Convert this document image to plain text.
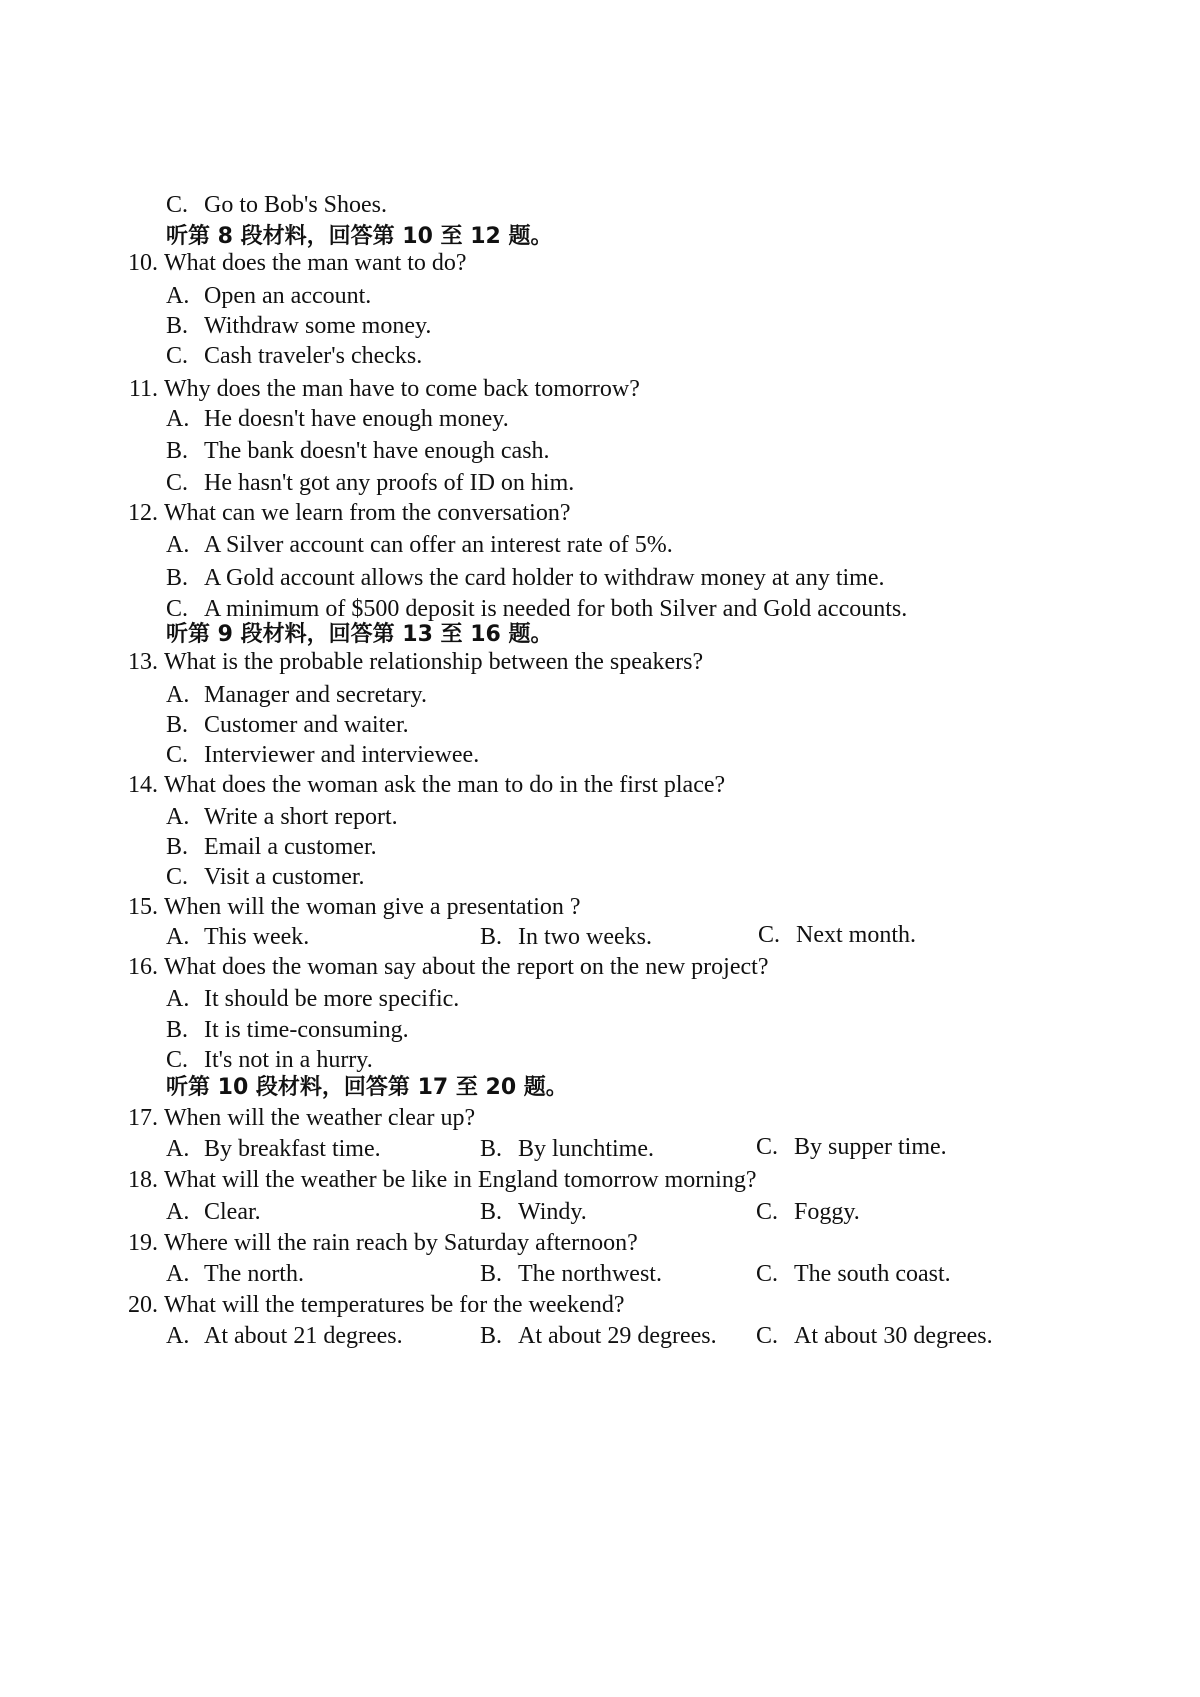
C. Go to Bob's Shoes.
听第 8 段材料，回答第 10 至 12 题。
10. What does the man want to do?
A. Open an account.
B. Withdraw some money.
C. Cash traveler's checks.
11. Why does the man have to come back tomorrow?
A. He doesn't have enough money.
B. The bank doesn't have enough cash.
C. He hasn't got any proofs of ID on him.
12. What can we learn from the conversation?
A. A Silver account can offer an interest rate of 5%.
B. A Gold account allows the card holder to withdraw money at any time.
C. A minimum of $500 deposit is needed for both Silver and Gold accounts.
听第 9 段材料，回答第 13 至 16 题。
13. What is the probable relationship between the speakers?
A. Manager and secretary.
B. Customer and waiter.
C. Interviewer and interviewee.
14. What does the woman ask the man to do in the first place?
A. Write a short report.
B. Email a customer.
C. Visit a customer.
15. When will the woman give a presentation ?
A. This week.	B. In two weeks.	C. Next month.
16. What does the woman say about the report on the new project?
A. It should be more specific.
B. It is time-consuming.
C. It's not in a hurry.
听第 10 段材料，回答第 17 至 20 题。
17. When will the weather clear up?
A. By breakfast time.	B. By lunchtime.	C. By supper time.
18. What will the weather be like in England tomorrow morning?
A. Clear.	B. Windy.	C. Foggy.
19. Where will the rain reach by Saturday afternoon?
A. The north.	B. The northwest.	C. The south coast.
20. What will the temperatures be for the weekend?
A. At about 21 degrees.	B. At about 29 degrees. C. At about 30 degrees.
